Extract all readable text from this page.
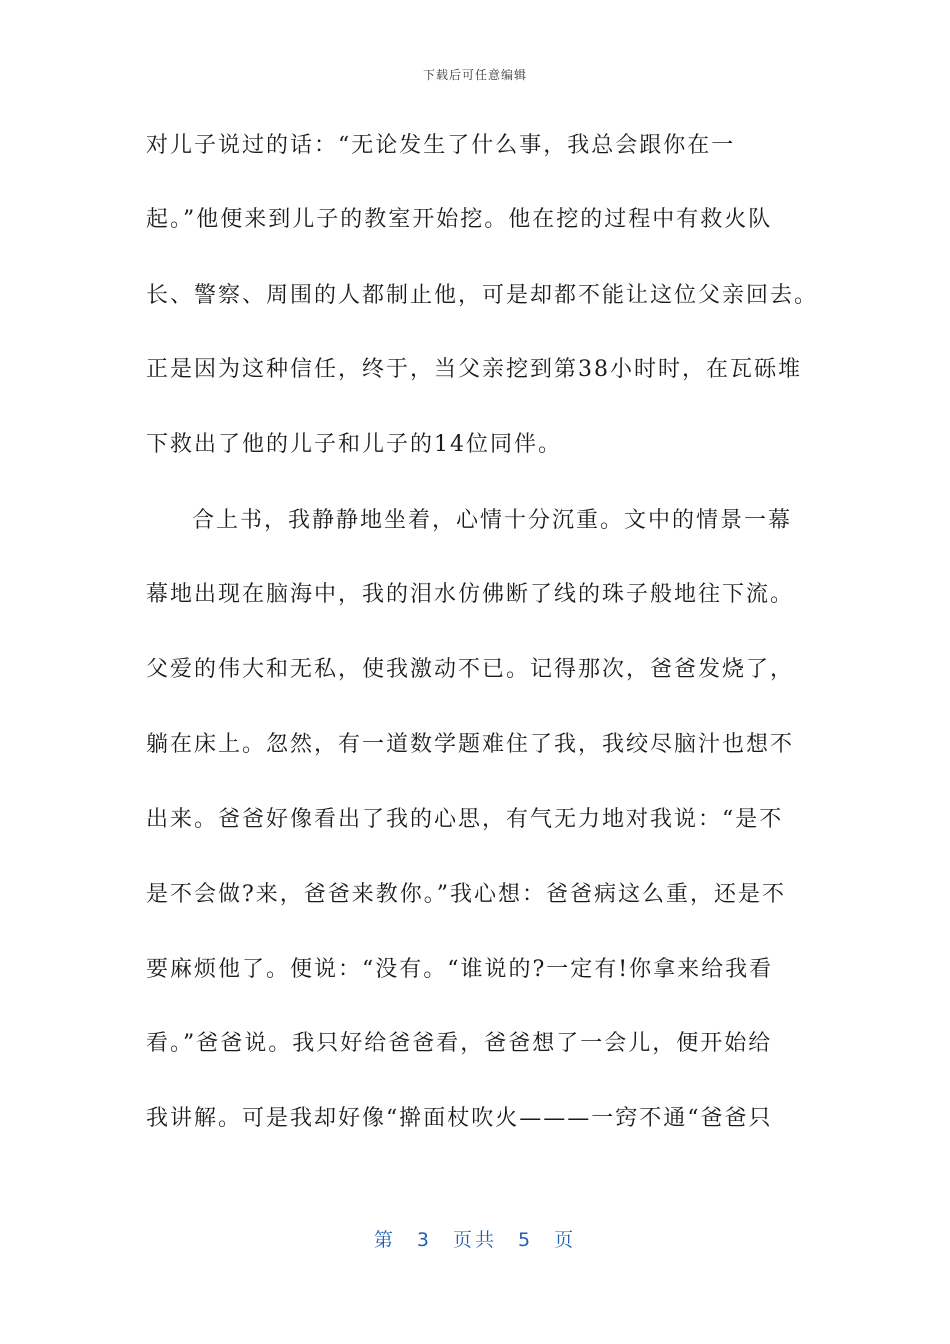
下载后可任意编辑
对儿子说过的话：“无论发生了什么事，我总会跟你在一
起。”他便来到儿子的教室开始挖。他在挖的过程中有救火队
长、警察、周围的人都制止他，可是却都不能让这位父亲回去。
正是因为这种信任，终于，当父亲挖到第38小时时，在瓦砾堆
下救出了他的儿子和儿子的14位同伴。
合上书，我静静地坐着，心情十分沉重。文中的情景一幕
幕地出现在脑海中，我的泪水仿佛断了线的珠子般地往下流。
父爱的伟大和无私，使我激动不已。记得那次，爸爸发烧了，
躺在床上。忽然，有一道数学题难住了我，我绞尽脑汁也想不
出来。爸爸好像看出了我的心思，有气无力地对我说：“是不
是不会做?来，爸爸来教你。”我心想：爸爸病这么重，还是不
要麻烦他了。便说：“没有。“谁说的?一定有!你拿来给我看
看。”爸爸说。我只好给爸爸看，爸爸想了一会儿，便开始给
我讲解。可是我却好像“擀面杖吹火———一窍不通“爸爸只
第 3 页共 5 页
